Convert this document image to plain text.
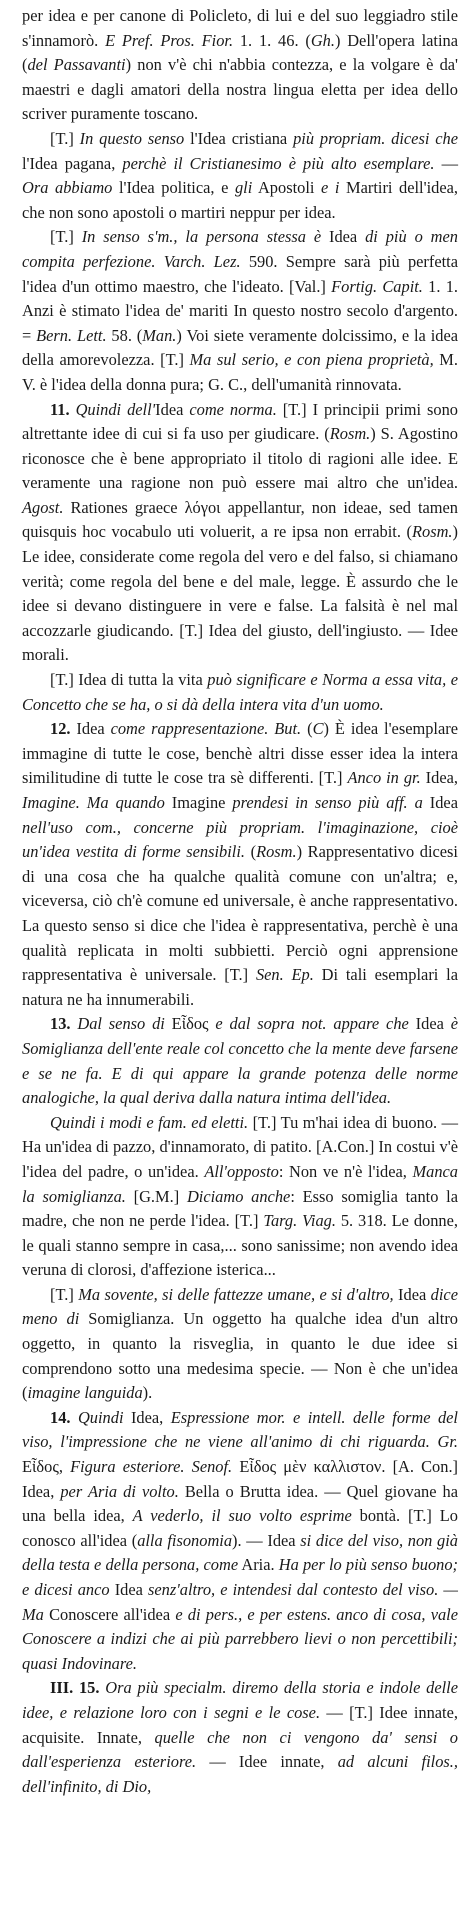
per idea e per canone di Policleto, di lui e del suo leggiadro stile s'innamorò. E Pref. Pros. Fior. 1. 1. 46. (Gh.) Dell'opera latina (del Passavanti) non v'è chi n'abbia contezza, e la volgare è da' maestri e dagli amatori della nostra lingua eletta per idea dello scriver puramente toscano.

[T.] In questo senso l'Idea cristiana più propriam. dicesi che l'Idea pagana, perchè il Cristianesimo è più alto esemplare. — Ora abbiamo l'Idea politica, e gli Apostoli e i Martiri dell'idea, che non sono apostoli o martiri neppur per idea.

[T.] In senso s'm., la persona stessa è Idea di più o men compita perfezione. Varch. Lez. 590. Sempre sarà più perfetta l'idea d'un ottimo maestro, che l'ideato. [Val.] Fortig. Capit. 1. 1. Anzi è stimato l'idea de' mariti In questo nostro secolo d'argento. = Bern. Lett. 58. (Man.) Voi siete veramente dolcissimo, e la idea della amorevolezza. [T.] Ma sul serio, e con piena proprietà, M. V. è l'idea della donna pura; G. C., dell'umanità rinnovata.

11. Quindi dell'Idea come norma. [T.] I principii primi sono altrettante idee di cui si fa uso per giudicare. (Rosm.) S. Agostino riconosce che è bene appropriato il titolo di ragioni alle idee. E veramente una ragione non può essere mai altro che un'idea. Agost. Rationes graece λόγοι appellantur, non ideae, sed tamen quisquis hoc vocabulo uti voluerit, a re ipsa non errabit. (Rosm.) Le idee, considerate come regola del vero e del falso, si chiamano verità; come regola del bene e del male, legge. È assurdo che le idee si devano distinguere in vere e false. La falsità è nel mal accozzarle giudicando. [T.] Idea del giusto, dell'ingiusto. — Idee morali.

[T.] Idea di tutta la vita può significare e Norma a essa vita, e Concetto che se ha, o si dà della intera vita d'un uomo.

12. Idea come rappresentazione. But. (C) È idea l'esemplare immagine di tutte le cose, benchè altri disse esser idea la intera similitudine di tutte le cose tra sè differenti. [T.] Anco in gr. Idea, Imagine. Ma quando Imagine prendesi in senso più aff. a Idea nell'uso com., concerne più propriam. l'imaginazione, cioè un'idea vestita di forme sensibili. (Rosm.) Rappresentativo dicesi di una cosa che ha qualche qualità comune con un'altra; e, viceversa, ciò ch'è comune ed universale, è anche rappresentativo. La questo senso si dice che l'idea è rappresentativa, perchè è una qualità replicata in molti subbietti. Perciò ogni apprensione rappresentativa è universale. [T.] Sen. Ep. Di tali esemplari la natura ne ha innumerabili.

13. Dal senso di Εἶδος e dal sopra not. appare che Idea è Somiglianza dell'ente reale col concetto che la mente deve farsene e se ne fa. E di qui appare la grande potenza delle norme analogiche, la qual deriva dalla natura intima dell'idea.

Quindi i modi e fam. ed eletti. [T.] Tu m'hai idea di buono. — Ha un'idea di pazzo, d'innamorato, di patito. [A.Con.] In costui v'è l'idea del padre, o un'idea. All'opposto: Non ve n'è l'idea, Manca la somiglianza. [G.M.] Diciamo anche: Esso somiglia tanto la madre, che non ne perde l'idea. [T.] Targ. Viag. 5. 318. Le donne, le quali stanno sempre in casa,... sono sanissime; non avendo idea veruna di clorosi, d'affezione isterica...

[T.] Ma sovente, si delle fattezze umane, e si d'altro, Idea dice meno di Somiglianza. Un oggetto ha qualche idea d'un altro oggetto, in quanto la risveglia, in quanto le due idee si comprendono sotto una medesima specie. — Non è che un'idea (imagine languida).

14. Quindi Idea, Espressione mor. e intell. delle forme del viso, l'impressione che ne viene all'animo di chi riguarda. Gr. Εἶδος, Figura esteriore. Senof. Εἶδος μὲν καλλιστον. [A. Con.] Idea, per Aria di volto. Bella o Brutta idea. — Quel giovane ha una bella idea, A vederlo, il suo volto esprime bontà. [T.] Lo conosco all'idea (alla fisonomia). — Idea si dice del viso, non già della testa e della persona, come Aria. Ha per lo più senso buono; e dicesi anco Idea senz'altro, e intendesi dal contesto del viso. — Ma Conoscere all'idea e di pers., e per estens. anco di cosa, vale Conoscere a indizi che ai più parrebbero lievi o non percettibili; quasi Indovinare.

III. 15. Ora più specialm. diremo della storia e indole delle idee, e relazione loro con i segni e le cose. — [T.] Idee innate, acquisite. Innate, quelle che non ci vengono da' sensi o dall'esperienza esteriore. — Idee innate, ad alcuni filos., dell'infinito, di Dio,
